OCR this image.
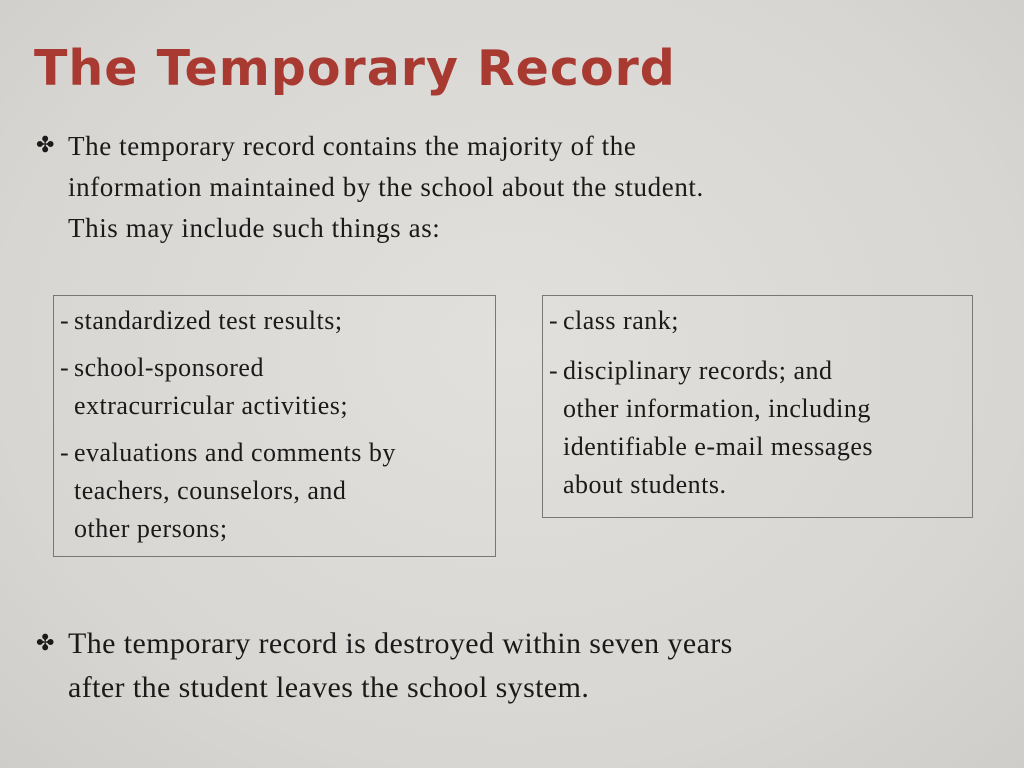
The Temporary Record
✤ The temporary record contains the majority of the
information maintained by the school about the student.
This may include such things as:
- standardized test results;
- school-sponsored
extracurricular activities;
- evaluations and comments by
teachers, counselors, and
other persons;
- class rank;
- disciplinary records; and
other information, including
identifiable e-mail messages
about students.
✤ The temporary record is destroyed within seven years
after the student leaves the school system.
